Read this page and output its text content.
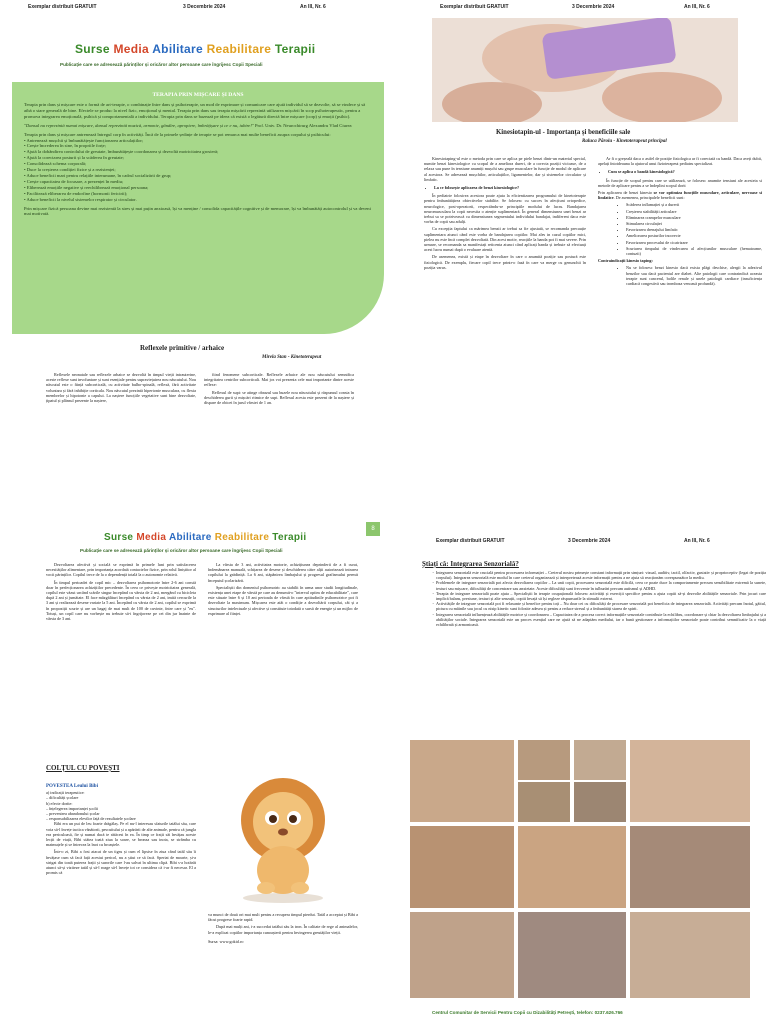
Exemplar distribuit GRATUIT	3 Decembrie 2024	An III, Nr. 6
Surse Media Abilitare Reabilitare Terapii
Publicație care se adresează părinților și oricăror altor persoane care îngrijesc Copii Speciali
TERAPIA PRIN MIȘCARE ȘI DANS

Terapia prin dans și mișcare este o formă de art-terapie, o combinație între dans și psihoterapie, un mod de exprimare și comunicare care ajută individul să se dezvolte, să se vindece și să aibă o stare generală de bine. Efectele se produc la nivel fizic, emoțional și mental. Terapia prin dans sau terapia mișcării reprezintă utilizarea mișcării în scop psihoterapeutic, pentru a promova integrarea emoțională, psihică și comportamentală a individului. Terapia prin dans se bazează pe ideea că există o legătură directă între mișcare (corp) și emoții (psihic).

"Dansul nu reprezintă numai mișcare, dansul reprezintă muzică, armonie, gândire, apropiere, îmbrățișare și ce e nu, iubire!" Prof. Univ. Dr. Neurochirurg Alexandru Vlad Ciurea

Terapia prin dans și mișcare antrenează întregul corp în activități. Încă de la primele ședințe de terapie se pot remarca mai multe beneficii asupra corpului și psihicului:

• Antrenează mușchii și îmbunătățește funcționarea articulațiilor;
• Crește încrederea în sine, în propriile forțe;
• Ajută la dobândirea controlului de greutate, îmbunătățește coordonarea și dezvoltă motricitatea grosieră;
• Ajută la corectarea posturii și la scăderea în greutate;
• Consolidează schema corporală;
• Duce la creșterea condiției fizice și a rezistenței;
• Aduce beneficii mari pentru relațiile interumane, în cadrul socializării de grup;
• Crește capacitatea de focusare, a prezenței în mediu;
• Eliberează emoțiile negative și reechilibrează emoțional persoana;
• Facilitează eliberarea de endorfine (hormonii fericirii);
• Aduce beneficii la nivelul sistemelor respirator și circulator.

Prin mișcare fizică persoana devine mai rezistentă la stres și mai puțin anxioasă, își va menține / consolida capacitățile cognitive și de memorare, își va îmbunătăți autocontrolul și va deveni mai motivată.

Reflexele primitive / arhaice
Mirela Stan - Kinetoterapeut

Reflexele neonatale sau reflexele arhaice se dezvoltă în timpul vieții intrauterine, aceste reflexe sunt involuntare și sunt esențiale pentru supraviețuirea nou născutului. Nou născutul este o ființă subcorticală, cu activitate bulbo-spinală, reflexă, fără activitate voluntara și fără inhibiție corticala. Nou născutul prezintă hipertonie musculara, cu flexia membrelor și hipotonie a capului. La naștere funcțiile vegetative sunt bine dezvoltate, țipatul și plânsul prezente la naștere,

fiind fenomene subcorticale. Reflexele arhaice ale nou născutului semnifica integritatea centrilor subcorticali. Mai jos voi prezenta cele mai importante dintre aceste reflexe:

Reflexul de supt: se atinge obrazul sau buzele nou născutului și răspunsul consta în deschiderea gurii și mișcări ritmice de supt. Reflexul acesta este prezent de la naștere și dispare de obicei în jurul vârstei de 1 an.

Exemplar distribuit GRATUIT	3 Decembrie 2024	An III, Nr. 6
Kinesiotapin-ul - Importanța și beneficiile sale
Raluca Păroiu - Kinetoterapeut principal

Kinesiotaping-ul este o metoda prin care se aplica pe piele benzi dintr-un material special, numite benzi kinesiologice cu scopul de a ameliora dureri, de a corecta poziții vicioase, de a relaxa sau pune în tensiune anumiți mușchi sau grupe musculare în funcție de modul de aplicare al acestora. Se adresează mușchilor, articulațiilor, ligamentelor, dar și sistemelor circulator și limfatic.

• La ce folosește aplicarea de benzi kinesiologice?

În pediatrie folosirea acestora poate ajuta la eficientizarea programului de kinetoterapie pentru îmbunătățirea obiectivelor stabilite. Se folosesc cu succes în afecțiuni ortopedice, neurologice, post-operatorii, respectându-se principiile modului de lucru. Bandajarea neuromusculara la copii necesita o atenție suplimentară. În general dimensiunea unei benzi ar trebui sa se potrivească cu dimensiunea segmentului individului bandajat, indiferent daca este vorba de copii sau adulți.

Cu excepția faptului ca mărimea benzii ar trebui sa fie ajustată, se recomanda precauție suplimentara atunci când este vorba de bandajarea copiilor. Mai ales in cazul copiilor mici, pielea nu este încă complet dezvoltată. Din acest motiv, reacțiile la banda pot fi mai severe. Prin urmare, se recomanda sa manifestați reticenta atunci când aplicați banda și trebuie să efectuați acest lucru numai după o evaluare atentă.

De asemenea, există și etape în dezvoltare în care o anumită poziție sau postură este fiziologică. De exemplu, fiecare copil trece printr-o fază în care va merge cu genunchii în poziția varus.

Ar fi o greșeală daca o astfel de poziție fiziologica ar fi corectată cu bandă. Daca aveți dubii, apelați întotdeauna la ajutorul unui fizioterapeut pediatru specializat.

• Cum se aplica o bandă kinesiologică?

În funcție de scopul pentru care se utilizează, se folosesc anumite tensiuni ale acesteia si metode de aplicare pentru a se îndeplini scopul dorit

Prin aplicarea de benzi kinesio se vor optimiza funcțiile musculare, articulare, nervoase si limfatice. De asemenea, principalele beneficii sunt:

• Scăderea inflamației și a durerii
• Creșterea stabilității articulare
• Eliminarea crampelor musculare
• Stimularea circulației
• Favorizarea drenajului limfatic
• Ameliorarea posturilor incorecte
• Favorizarea procesului de cicatrizare
• Scurtarea timpului de vindecarea al afecțiunilor musculare (hematoame, contuzii)

Contraindicații kinesio taping:

• Nu se folosesc benzi kinesio dacă exista plăgi deschise, alergii la adezivul benzilor sau dacă pacientul are diabet. Alte patologii care contraindică aceasta terapie sunt cancerul, bolile renale și unele patologii cardiace (insuficiența cardiacă congestivă sau tromboza venoasă profundă).
8
Surse Media Abilitare Reabilitare Terapii
Publicație care se adresează părinților și oricăror altor persoane care îngrijesc Copii Speciali

Dezvoltarea afectivă și socială se exprimă în primele luni prin satisfacerea necesităților alimentare, prin importanța acordată contactelor fizice, prin rolul liniștitor al vocii părinților. Copilul trece de la o dependență totală la o autonomie relativă.

În timpul perioadei de copil mic – dezvoltarea psihomotorie între 2-6 ani constă doar în perfecționarea achizițiilor precedente. În ceea ce privește motricitatea generală, copilul este văzut urcând scările singur începând cu vârsta de 2 ani, mergând cu bicicleta după 2 ani și jumătate. El face mâzgălituri începând cu vârsta de 2 ani, imită cercurile la 3 ani și realizează desene variate la 5 ani. Începând cu vârsta de 2 ani, copilul se exprimă în propoziții scurte și are un bagaj de mai mult de 100 de cuvinte, între care și "eu". Totuși, un copil care nu vorbește nu trebuie să-i îngrijoreze pe cei din jur înainte de vârsta de 3 ani.

La vârsta de 3 ani, activitatea motorie, achizițiunea deprinderii de a fi curat, îndemânarea manuală, schițarea de desene și deschiderea către alții autorizează intrarea copilului la grădiniță. La 6 ani, stăpânirea limbajului și progresul grafismului permit începutul școlarizării.

Specialiștii din domeniul psihomotric au stabilit în urma unor studii longitudinale, existența unei etape de vârstă pe care au denumit-o "interval optim de educabilitate", care este situate între 6 și 10 ani perioada de vârstă în care aptitudinile psihomotrice pot fi dezvoltate la maximum. Mișcarea este atât o condiție a dezvoltării corpului, cât și a structurilor intelectuale și afective și constituie totodată o sursă de energie și un mijloc de exprimare al ființei.

COLȚUL CU POVEȘTI
POVESTEA Leului Bibi
a) indicații terapeutice:
– dificultăți școlare
b) efecte dorite:
– înțelegerea importanței școlii
– prevenirea abandonului școlar
– responsabilizarea elevilor față de rezultatele școlare

Bibi era un pui de leu foarte drăgălaș. Pe el nu-l interesau sfaturile tatălui său, care voia să-l învețe tactica vânătorii, pescuitului și a apărării de alte animale, pentru că jungla era periculoasă, fie și numai dacă te rătăcesi în ea. În timp ce frații săi învățau aceste lecții de viață, Bibi stătea toată ziua la soare, se bronza sau inota, se strâmba cu maimuțele și se întrecea la înot cu broaștele.

Într-o zi, Bibi a fost atacat de un tigru și cum el lipsise în ziua când tatăl său îi învățase cum să facă față acestui pericol, nu a știut ce să facă. Speriat de moarte, și-a strigat din toată puterea frații și surorile care l-au salvat în ultima clipă. Bibi s-a hotărât atunci să-și viziteze tatăl și să-l roage să-l învețe tot ce considera că i-ar fi necesar. El a promis că

va munci de două ori mai mult pentru a recupera timpul pierdut. Tatăl a acceptat și Bibi a făcut progrese foarte rapid.

După mai mulți ani, i-a succedat tatălui său la tron. În calitate de rege al animalelor, le-a explicat copiilor importanța cunoașterii pentru învingerea greutăților vieții.

Sursa: www.gokid.ro

Exemplar distribuit GRATUIT	3 Decembrie 2024	An III, Nr. 6
Știați că: Integrarea Senzorială?
- Integrarea senzorială este crucială pentru procesarea informației – Creierul nostru primește constant informații prin simțuri: vizual, auditiv, tactil, olfactiv, gustativ și proprioceptiv (legat de poziția corpului). Integrarea senzorială este modul în care creierul organizează și interpretează aceste informații pentru a ne ajuta să reacționăm corespunzător la mediu.
- Problemele de integrare senzorială pot afecta dezvoltarea copiilor – La unii copii, procesarea senzorială este dificilă, ceea ce poate duce la comportamente precum sensibilitate extremă la sunete, texturi sau mișcare, dificultăți de concentrare sau anxietate. Aceste dificultăți sunt frecvente în tulburări precum autismul și ADHD.
- Terapia de integrare senzorială poate ajuta – Specialiștii în terapie ocupațională folosesc activități și exerciții specifice pentru a ajuta copiii să-și dezvolte abilitățile senzoriale. Prin jocuri care implică balans, presiune, texturi și alte senzații, copiii învață să își regleze răspunsurile la stimulii externi.
- Activitățile de integrare senzorială pot fi relaxante și benefice pentru toți – Nu doar cei cu dificultăți de procesare senzorială pot beneficia de integrarea senzorială. Activități precum înotul, găitul, pictura cu mâinile sau jocul cu nisip kinetic sunt folosite adesea și pentru a reduce stresul și a îmbunătăți starea de spirit.
- Integrarea senzorială influențează abilitățile motrice și coordonarea – Capacitatea de a procesa corect informațiile senzoriale contribuie la echilibru, coordonare și chiar la dezvoltarea limbajului și a abilităților sociale. Integrarea senzorială este un proces esențial care ne ajută să ne adaptăm mediului, iar o bună gestionare a informațiilor senzoriale poate contribui semnificativ la o viață echilibrată și armonioasă.
Centrul Comunitar de Servicii Pentru Copii cu Dizabilități Petrești, telefon: 0237.626.766
